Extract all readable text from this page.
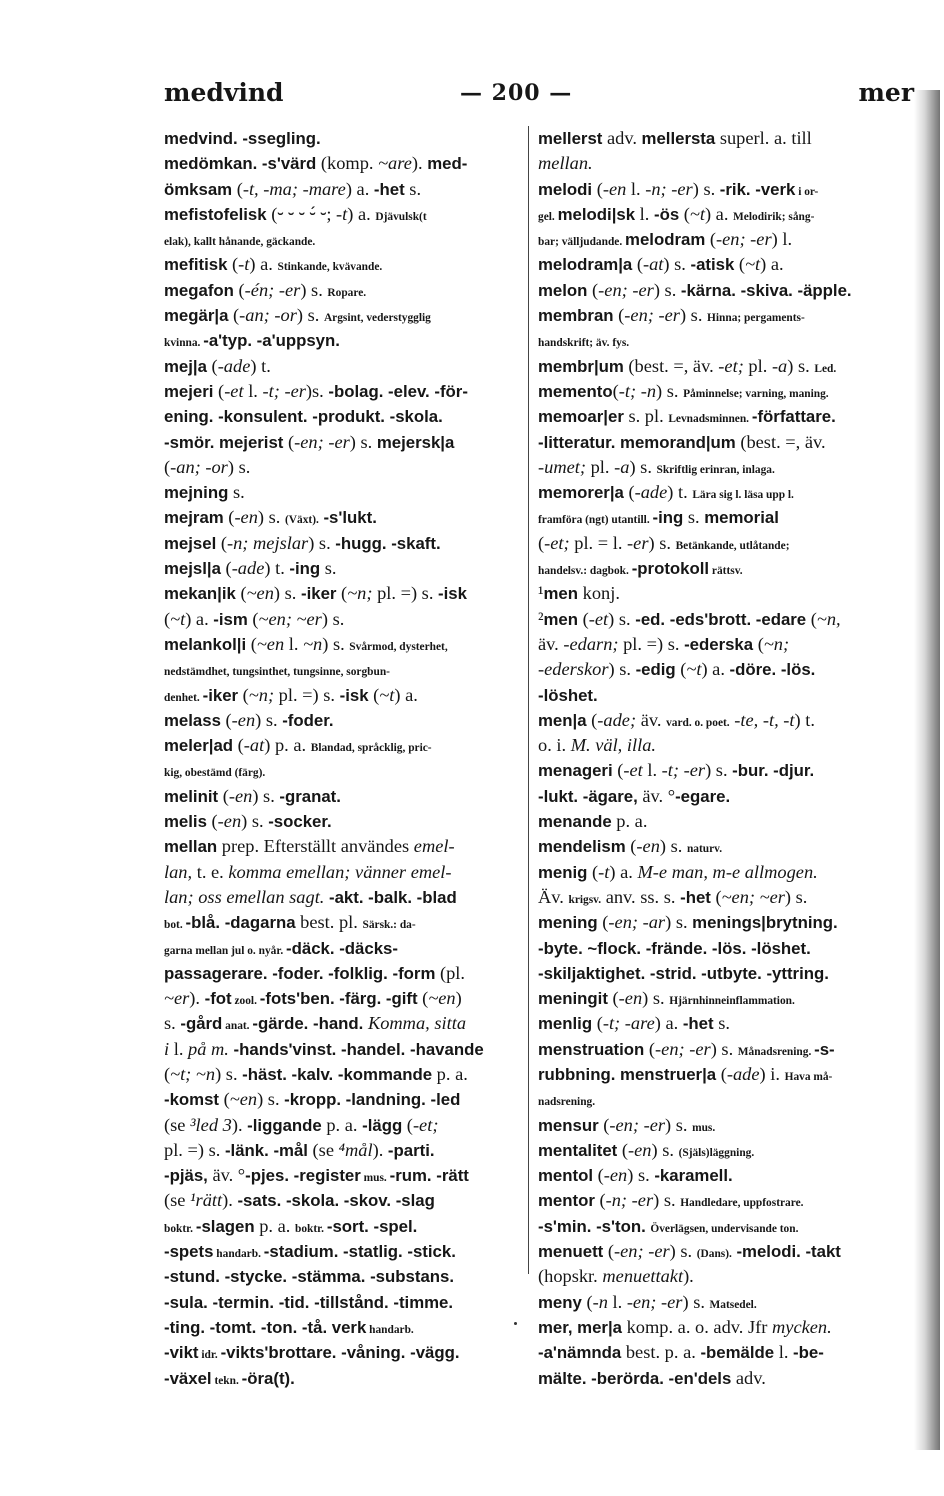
medvind	— 200 —	mer
medvind. -ssegling.
medömkan. -s'värd (komp. ~are). med-
ömksam (-t, -ma; -mare) a. -het s.
mefistofelisk (⏑ ⏑ ⏑ ⏑́ ⏑; -t) a. Djävulsk(t
elak), kallt hånande, gäckande.
mefitisk (-t) a. Stinkande, kvävande.
megafon (-én; -er) s. Ropare.
megär|a (-an; -or) s. Argsint, vederstygglig
kvinna. -a'typ. -a'uppsyn.
mej|a (-ade) t.
mejeri (-et l. -t; -er)s. -bolag. -elev. -för-
ening. -konsulent. -produkt. -skola.
-smör. mejerist (-en; -er) s. mejersk|a
(-an; -or) s.
mejning s.
mejram (-en) s. (Växt). -s'lukt.
mejsel (-n; mejslar) s. -hugg. -skaft.
mejsl|a (-ade) t. -ing s.
mekan|ik (~en) s. -iker (~n; pl. =) s. -isk
(~t) a. -ism (~en; ~er) s.
melankol|i (~en l. ~n) s. Svårmod, dysterhet,
nedstämdhet, tungsinthet, tungsinne, sorgbun-
denhet. -iker (~n; pl. =) s. -isk (~t) a.
melass (-en) s. -foder.
meler|ad (-at) p. a. Blandad, språcklig, pric-
kig, obestämd (färg).
melinit (-en) s. -granat.
melis (-en) s. -socker.
mellan prep. Efterställt användes emel-
lan, t. e. komma emellan; vänner emel-
lan; oss emellan sagt. -akt. -balk. -blad
bot. -blå. -dagarna best. pl. Särsk.: da-
garna mellan jul o. nyår. -däck. -däcks-
passagerare. -foder. -folklig. -form (pl.
~er). -fot zool. -fots'ben. -färg. -gift (~en)
s. -gård anat. -gärde. -hand. Komma, sitta
i l. på m. -hands'vinst. -handel. -havande
(~t; ~n) s. -häst. -kalv. -kommande p. a.
-komst (~en) s. -kropp. -landning. -led
(se ³led 3). -liggande p. a. -lägg (-et;
pl. =) s. -länk. -mål (se ⁴mål). -parti.
-pjäs, äv. °-pjes. -register mus. -rum. -rätt
(se ¹rätt). -sats. -skola. -skov. -slag
boktr. -slagen p. a. boktr. -sort. -spel.
-spets handarb. -stadium. -statlig. -stick.
-stund. -stycke. -stämma. -substans.
-sula. -termin. -tid. -tillstånd. -timme.
-ting. -tomt. -ton. -tå. verk handarb.
-vikt idr. -vikts'brottare. -våning. -vägg.
-växel tekn. -öra(t).
mellerst adv. mellersta superl. a. till
mellan.
melodi (-en l. -n; -er) s. -rik. -verk i or-
gel. melodi|sk l. -ös (~t) a. Melodirik; sång-
bar; välljudande. melodram (-en; -er) l.
melodram|a (-at) s. -atisk (~t) a.
melon (-en; -er) s. -kärna. -skiva. -äpple.
membran (-en; -er) s. Hinna; pergaments-
handskrift; äv. fys.
membr|um (best. =, äv. -et; pl. -a) s. Led.
memento(-t; -n) s. Påminnelse; varning, maning.
memoar|er s. pl. Levnadsminnen. -författare.
-litteratur. memorand|um (best. =, äv.
-umet; pl. -a) s. Skriftlig erinran, inlaga.
memorer|a (-ade) t. Lära sig l. läsa upp l.
framföra (ngt) utantill. -ing s. memorial
(-et; pl. = l. -er) s. Betänkande, utlåtande;
handelsv.: dagbok. -protokoll rättsv.
¹men konj.
²men (-et) s. -ed. -eds'brott. -edare (~n,
äv. -edarn; pl. =) s. -ederska (~n;
-ederskor) s. -edig (~t) a. -döre. -lös.
-löshet.
men|a (-ade; äv. vard. o. poet. -te, -t, -t) t.
o. i. M. väl, illa.
menageri (-et l. -t; -er) s. -bur. -djur.
-lukt. -ägare, äv. °-egare.
menande p. a.
mendelism (-en) s. naturv.
menig (-t) a. M-e man, m-e allmogen.
Äv. krigsv. anv. ss. s. -het (~en; ~er) s.
mening (-en; -ar) s. menings|brytning.
-byte. ~flock. -frände. -lös. -löshet.
-skiljaktighet. -strid. -utbyte. -yttring.
meningit (-en) s. Hjärnhinneinflammation.
menlig (-t; -are) a. -het s.
menstruation (-en; -er) s. Månadsrening. -s-
rubbning. menstruer|a (-ade) i. Hava må-
nadsrening.
mensur (-en; -er) s. mus.
mentalitet (-en) s. (Själs)läggning.
mentol (-en) s. -karamell.
mentor (-n; -er) s. Handledare, uppfostrare.
-s'min. -s'ton. Överlägsen, undervisande ton.
menuett (-en; -er) s. (Dans). -melodi. -takt
(hopskr. menuettakt).
meny (-n l. -en; -er) s. Matsedel.
mer, mer|a komp. a. o. adv. Jfr mycken.
-a'nämnda best. p. a. -bemälde l. -be-
mälte. -berörda. -en'dels adv.
